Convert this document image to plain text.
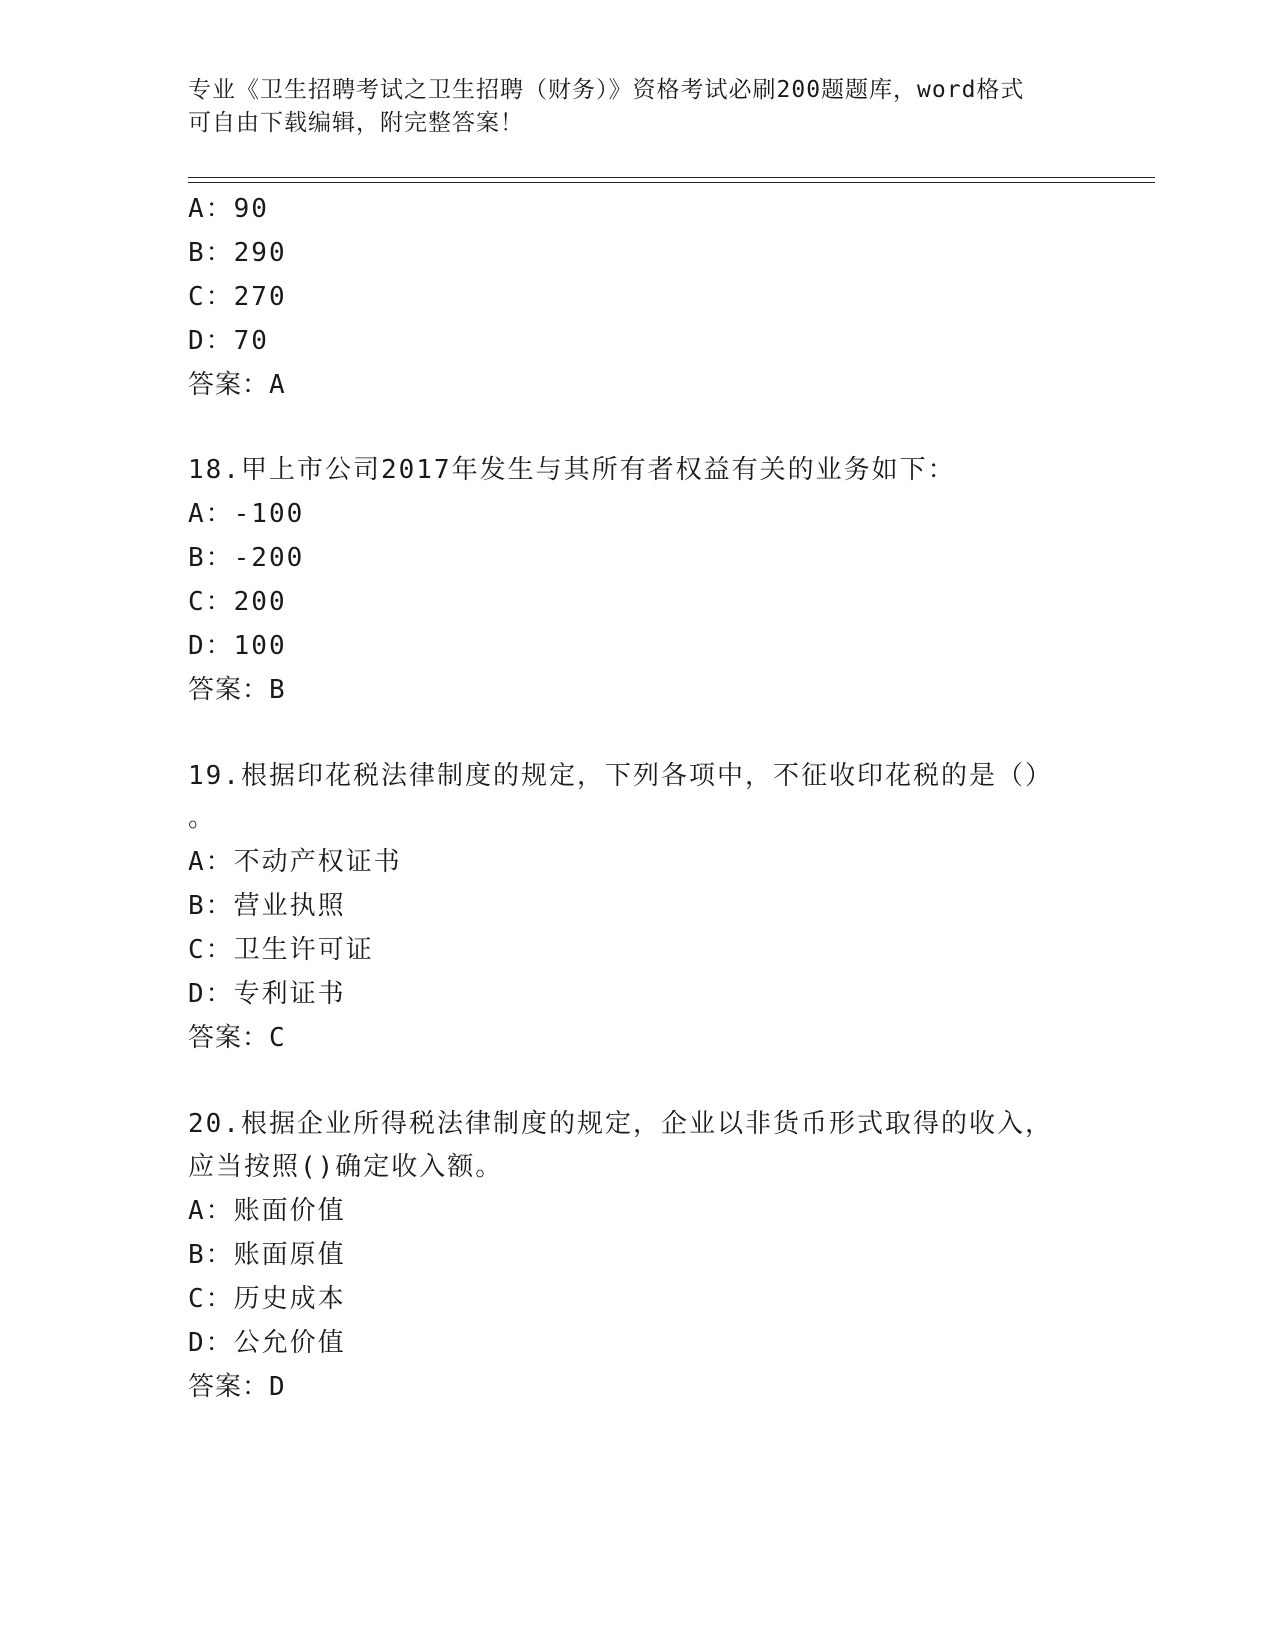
专业《卫生招聘考试之卫生招聘（财务）》资格考试必刷200题题库，word格式

可自由下载编辑，附完整答案！

A：90

B：290

C：270

D：70

答案：A

18.甲上市公司2017年发生与其所有者权益有关的业务如下：

A：-100

B：-200

C：200

D：100

答案：B

19.根据印花税法律制度的规定，下列各项中，不征收印花税的是（）

。

A：不动产权证书

B：营业执照

C：卫生许可证

D：专利证书

答案：C

20.根据企业所得税法律制度的规定，企业以非货币形式取得的收入，

应当按照()确定收入额。

A：账面价值

B：账面原值

C：历史成本

D：公允价值

答案：D
